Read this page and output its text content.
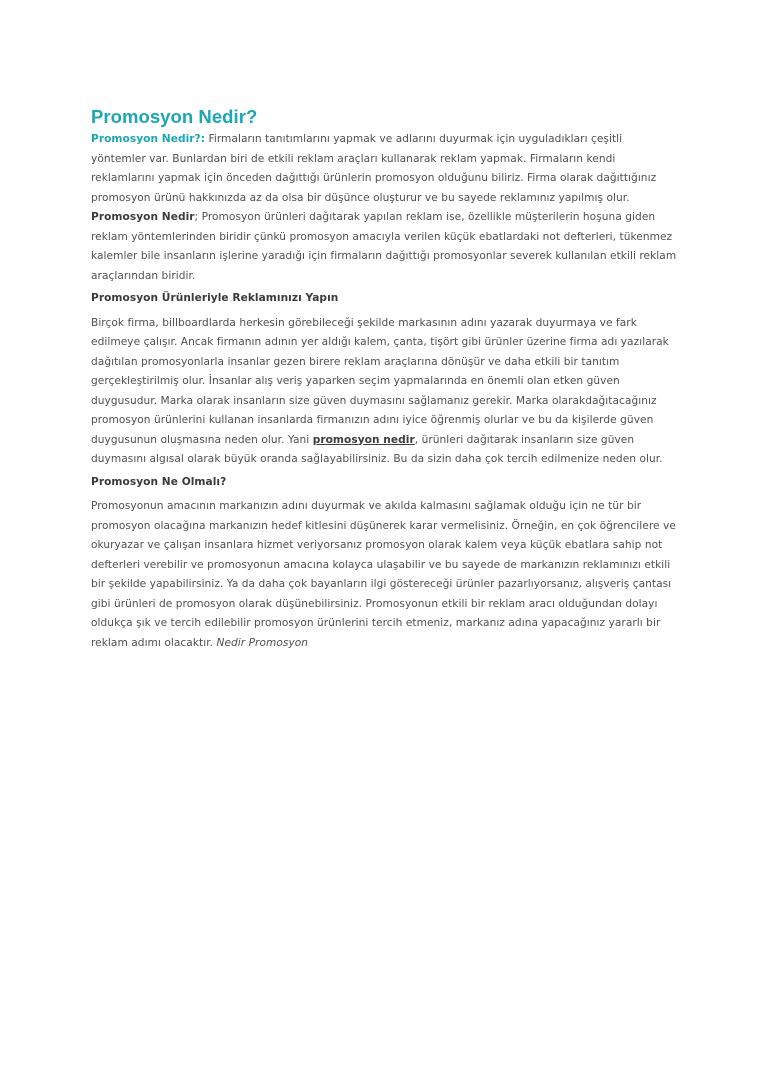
Promosyon Nedir?

Promosyon Nedir?: Firmaların tanıtımlarını yapmak ve adlarını duyurmak için uyguladıkları çeşitli yöntemler var. Bunlardan biri de etkili reklam araçları kullanarak reklam yapmak. Firmaların kendi reklamlarını yapmak için önceden dağıttığı ürünlerin promosyon olduğunu biliriz. Firma olarak dağıttığınız promosyon ürünü hakkınızda az da olsa bir düşünce oluşturur ve bu sayede reklamınız yapılmış olur. Promosyon Nedir; Promosyon ürünleri dağıtarak yapılan reklam ise, özellikle müşterilerin hoşuna giden reklam yöntemlerinden biridir çünkü promosyon amacıyla verilen küçük ebatlardaki not defterleri, tükenmez kalemler bile insanların işlerine yaradığı için firmaların dağıttığı promosyonlar severek kullanılan etkili reklam araçlarından biridir.

Promosyon Ürünleriyle Reklamınızı Yapın

Birçok firma, billboardlarda herkesin görebileceği şekilde markasının adını yazarak duyurmaya ve fark edilmeye çalışır. Ancak firmanın adının yer aldığı kalem, çanta, tişört gibi ürünler üzerine firma adı yazılarak dağıtılan promosyonlarla insanlar gezen birere reklam araçlarına dönüşür ve daha etkili bir tanıtım gerçekleştirilmiş olur. İnsanlar alış veriş yaparken seçim yapmalarında en önemli olan etken güven duygusudur. Marka olarak insanların size güven duymasını sağlamanız gerekir. Marka olarakdağıtacağınız promosyon ürünlerini kullanan insanlarda firmanızın adını iyice öğrenmiş olurlar ve bu da kişilerde güven duygusunun oluşmasına neden olur. Yani promosyon nedir, ürünleri dağıtarak insanların size güven duymasını algısal olarak büyük oranda sağlayabilirsiniz. Bu da sizin daha çok tercih edilmenize neden olur.

Promosyon Ne Olmalı?

Promosyonun amacının markanızın adını duyurmak ve akılda kalmasını sağlamak olduğu için ne tür bir promosyon olacağına markanızın hedef kitlesini düşünerek karar vermelisiniz. Örneğin, en çok öğrencilere ve okuryazar ve çalışan insanlara hizmet veriyorsanız promosyon olarak kalem veya küçük ebatlara sahip not defterleri verebilir ve promosyonun amacına kolayca ulaşabilir ve bu sayede de markanızın reklamınızı etkili bir şekilde yapabilirsiniz. Ya da daha çok bayanların ilgi göstereceği ürünler pazarlıyorsanız, alışveriş çantası gibi ürünleri de promosyon olarak düşünebilirsiniz. Promosyonun etkili bir reklam aracı olduğundan dolayı oldukça şık ve tercih edilebilir promosyon ürünlerini tercih etmeniz, markanız adına yapacağınız yararlı bir reklam adımı olacaktır. Nedir Promosyon
